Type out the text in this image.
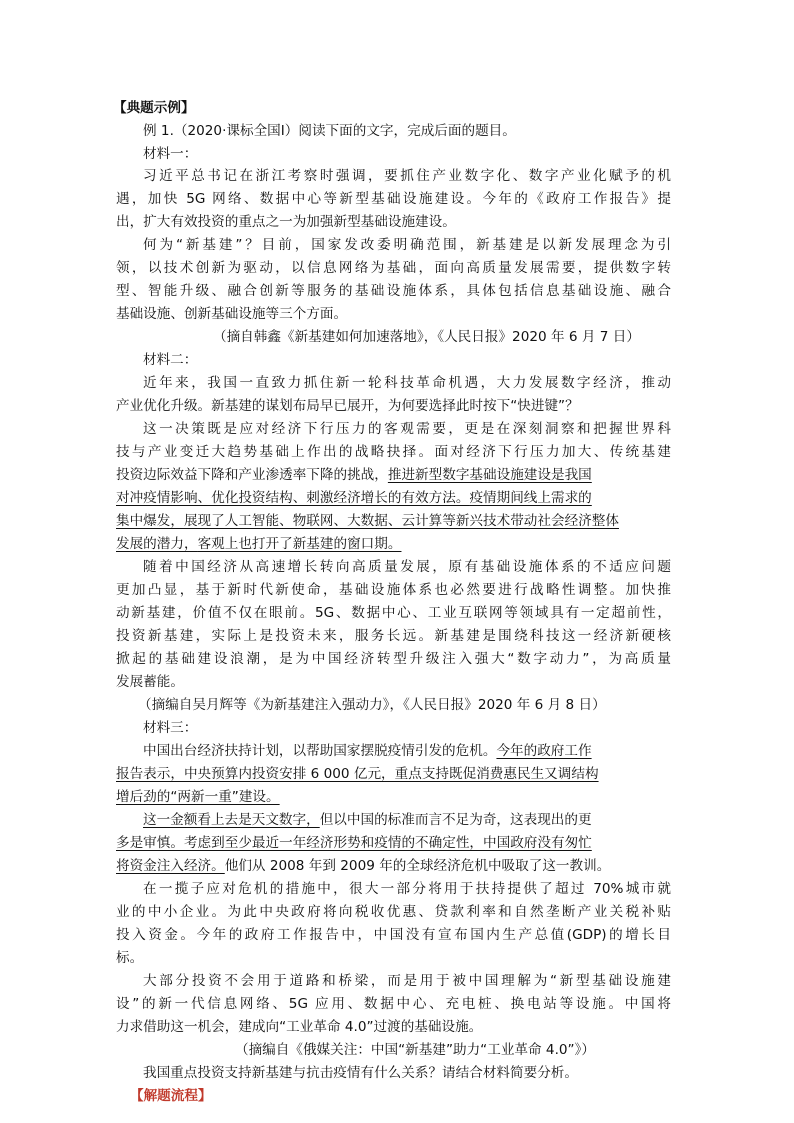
【典题示例】
例 1.（2020·课标全国Ⅰ）阅读下面的文字，完成后面的题目。
材料一：
习近平总书记在浙江考察时强调，要抓住产业数字化、数字产业化赋予的机
遇，加快 5G 网络、数据中心等新型基础设施建设。今年的《政府工作报告》提
出，扩大有效投资的重点之一为加强新型基础设施建设。
何为“新基建”？目前，国家发改委明确范围，新基建是以新发展理念为引
领，以技术创新为驱动，以信息网络为基础，面向高质量发展需要，提供数字转
型、智能升级、融合创新等服务的基础设施体系，具体包括信息基础设施、融合
基础设施、创新基础设施等三个方面。
（摘自韩鑫《新基建如何加速落地》，《人民日报》2020 年 6 月 7 日）
材料二：
近年来，我国一直致力抓住新一轮科技革命机遇，大力发展数字经济，推动
产业优化升级。新基建的谋划布局早已展开，为何要选择此时按下“快进键”？
这一决策既是应对经济下行压力的客观需要，更是在深刻洞察和把握世界科
技与产业变迁大趋势基础上作出的战略抉择。面对经济下行压力加大、传统基建
投资边际效益下降和产业渗透率下降的挑战，推进新型数字基础设施建设是我国
对冲疫情影响、优化投资结构、刺激经济增长的有效方法。疫情期间线上需求的
集中爆发，展现了人工智能、物联网、大数据、云计算等新兴技术带动社会经济整体
发展的潜力，客观上也打开了新基建的窗口期。
随着中国经济从高速增长转向高质量发展，原有基础设施体系的不适应问题
更加凸显，基于新时代新使命，基础设施体系也必然要进行战略性调整。加快推
动新基建，价值不仅在眼前。5G、数据中心、工业互联网等领域具有一定超前性，
投资新基建，实际上是投资未来，服务长远。新基建是围绕科技这一经济新硬核
掀起的基础建设浪潮，是为中国经济转型升级注入强大“数字动力”，为高质量
发展蓄能。
（摘编自吴月辉等《为新基建注入强动力》，《人民日报》2020 年 6 月 8 日）
材料三：
中国出台经济扶持计划，以帮助国家摆脱疫情引发的危机。今年的政府工作
报告表示，中央预算内投资安排 6 000 亿元，重点支持既促消费惠民生又调结构
增后劲的“两新一重”建设。
这一金额看上去是天文数字，但以中国的标准而言不足为奇，这表现出的更
多是审慎。考虑到至少最近一年经济形势和疫情的不确定性，中国政府没有匆忙
将资金注入经济。他们从 2008 年到 2009 年的全球经济危机中吸取了这一教训。
在一揽子应对危机的措施中，很大一部分将用于扶持提供了超过 70%城市就
业的中小企业。为此中央政府将向税收优惠、贷款利率和自然垄断产业关税补贴
投入资金。今年的政府工作报告中，中国没有宣布国内生产总值(GDP)的增长目
标。
大部分投资不会用于道路和桥梁，而是用于被中国理解为“新型基础设施建
设”的新一代信息网络、5G 应用、数据中心、充电桩、换电站等设施。中国将
力求借助这一机会，建成向“工业革命 4.0”过渡的基础设施。
（摘编自《俄媒关注：中国“新基建”助力“工业革命 4.0”》）
我国重点投资支持新基建与抗击疫情有什么关系？请结合材料简要分析。
【解题流程】
